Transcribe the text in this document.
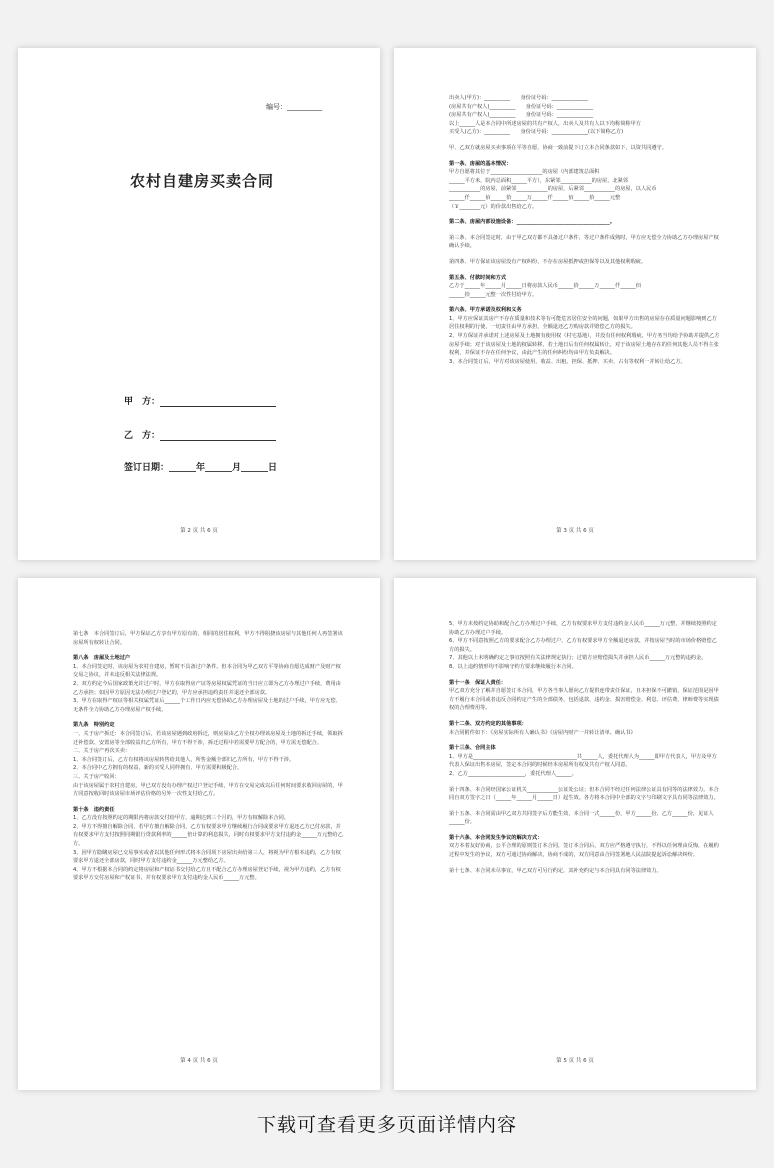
编号：__________
农村自建房买卖合同
甲　方：
乙　方：
签订日期：______年______月______日
第 2 页 共 6 页

出卖人(甲方)：__________　　身份证号码：______________

(房屋共有产权人)__________　　身份证号码：______________

(房屋共有产权人)__________　　身份证号码：______________

以上______人是本合同中所述房屋的共有产权人，出卖人及共有人以下均称简称甲方

买受人(乙方)：__________　　身份证号码：______________(以下简称乙方)

甲、乙双方就房屋买卖事项在平等自愿，协商一致前提下订立本合同条款如下，以资共同遵守。

第一条、房屋的基本情况：

甲方自愿将其位于____________________的房屋（内部建筑总面积

______平方米，院内总面积______平方），东紧邻____________的房屋，北紧邻

____________的房屋，前紧邻____________的房屋，后紧邻____________的房屋，以人民币

______仟______佰______拾______万______仟______佰______拾______元整

（￥________元）的价款出售给乙方。

第二条、房屋内部设施设备：____________________________________。

第三条、本合同签定时，由于甲乙双方都不具备过户条件，等过户条件成熟时，甲方应无偿全力协助乙方办理房屋产权确认手续。

第四条、甲方保证该房屋没有产权纠纷，不存在房屋抵押或担保等以及其他权利瑕疵。

第五条、付款时间和方式

乙方于______年______月______日将房款人民币______拾______万______仟______佰

______拾______元整一次性付给甲方。

第六条、甲方承诺及权利和义务

1、甲方应保证其房产不存在质量和技术等有可能危害居住安全的问题，如果甲方出售的房屋存在质量问题影响到乙方居住权利的行使，一切责任由甲方承担，全额退还乙方购房款并赔偿乙方的损失。

2、甲方保证并承诺对上述房屋及土地拥有使用权（村宅基地），并没有任何权利瑕疵，甲方务当均给予协助并提供乙方房屋手续；对于该房屋及土地的权属转移，若土地日后有任何权属转让，对于该房屋土地存在的任何其他人员不得主张权利，并保证不存在任何争议，由此产生的任何纠纷均由甲方负责解决。

3、本合同签订后，甲方对该房屋使用、收益、出租、担保、抵押、买卖、占有等权利一并转让给乙方。

第 3 页 共 6 页

第七条　本合同签订后，甲方保证乙方享有甲方原有的、相同的居住权利，甲方不得阻挠该房屋与其他任何人再签署该房屋所有权转让合同。

第八条　房屋及土地过户

1、本合同签定时，该房屋为农村自建房，暂时不具备过户条件。但本合同为甲乙双方平等协商自愿达成财产及财产权交易之协议，并未违反相关法律法规。

2、双方约定今后国家政策允许过户时，甲方在取得房产证等房屋权属凭证的当日应立即为乙方办理过户手续，费用由乙方承担；如因甲方原因无法办理过户登记的，甲方应承担违约责任并退还全部房款。

3、甲方在取得产权证等相关权属凭证后______个工作日内应无偿协助乙方办理房屋及土地的过户手续，甲方应无偿、无条件全力协助乙方办理房屋产权手续。

第九条　特别约定

一、关于房产拆迁：本合同签订后，若该房屋遇到政府拆迁，则房屋由乙方全权办理该房屋及土地的拆迁手续，领取拆迁补偿款、安置房等全部收益归乙方所有，甲方不得干涉，拆迁过程中若需要甲方配合的，甲方需无偿配合。

二、关于房产再次买卖：

1、本合同签订后，乙方有权将该房屋转售给其他人，所售金额全部归乙方所有，甲方不得干涉。

2、本合同中乙方拥有的权益，新的买受人同样拥有，甲方需要积极配合。

三、关于房产收回：

由于该房屋属于农村自建房，甲已双方没有办理产权过户登记手续，甲方在交易完成以后任何时间要求收回房屋的，甲方同意按收回时该房屋市场评估价格的另外一次性支付给乙方。

第十条　违约责任

1、乙方没有按照约定的期限内将房款交付给甲方，逾期达到三个月的，甲方有权解除本合同。

2、甲方不得擅自解除合同，若甲方擅自解除合同，乙方有权要求甲方继续履行合同或要求甲方退还乙方已付房款，并有权要求甲方支付按照同期银行贷款利率的______倍计算的利息损失，同时有权要求甲方支付违约金______万元整给乙方。

3、因甲方隐瞒房屋已交易事实或者以其他任何形式将本合同项下房屋出卖给第三人，将视为甲方根本违约，乙方有权要求甲方退还全部房款，同时甲方支付违约金______万元整给乙方。

4、甲方不根据本合同的约定将房屋和产权证书交付给乙方且不配合乙方办理房屋登记手续，视为甲方违约，乙方有权要求甲方交付房屋和产权证书，并有权要求甲方支付违约金人民币______万元整。

第 4 页 共 6 页

5、甲方未按约定协助和配合乙方办理过户手续，乙方有权要求甲方支付违约金人民币______万元整，并继续按照约定协助乙方办理过户手续。

6、甲方不同意按照乙方的要求配合乙方办理过户，乙方有权要求甲方全额退还房款，并按房屋当时的市场价格赔偿乙方的损失。

7、其他以上未明确约定之事宜按照有关法律规定执行；过错方应赔偿损失并承担人民币______万元整的违约金。

8、以上违约情形均不影响守约方要求继续履行本合同。

第十一条　保证人责任：

甲乙双方充分了解并自愿签订本合同，甲方各当事人愿向乙方提供连带责任保证，且本担保不可撤销，保证范围是因甲方不履行本合同或者违反合同约定产生的全部债务，包括退款、违约金、损害赔偿金、利息、评估费、律师费等实现债权的合理费用等。

第十二条、双方约定的其他事项：

本合同附件如下：《房屋实际所有人确认书》《房屋内财产一并转让清单、确认书》

第十三条、合同主体

1、甲方是________________________________________共______人，委托代理人为______即甲方代表人，甲方及甲方代表人保证出售本房屋，签定本合同的时候经本房屋所有权及共有产权人同意。

2、乙方______________________，委托代理人______。

第十四条、本合同经国家公证机关____________公证处公证；但本合同不经过任何法律公证具有同等的法律效力。本合同自双方签字之日（______年______月______日）起生效。各方将本合同中全部的文字与印刷文字具有同等法律效力。

第十五条、本合同需由甲乙双方共同签字后方能生效，本合同一式______份，甲方______份，乙方______份，见证人______份。

第十六条、本合同发生争议的解决方式：

双方本着友好协商，公平合理的原则签订本合同，签订本合同后，双方应严格遵守执行，不得以任何理由反悔，在履约过程中发生的争议，双方可通过协商解决，协商不成的，双方同意由合同签署地人民法院提起诉讼解决纠纷。

第十七条、本合同未尽事宜，甲乙双方可另行约定，其补充约定与本合同具有同等法律效力。

第 5 页 共 6 页
下载可查看更多页面详情内容
